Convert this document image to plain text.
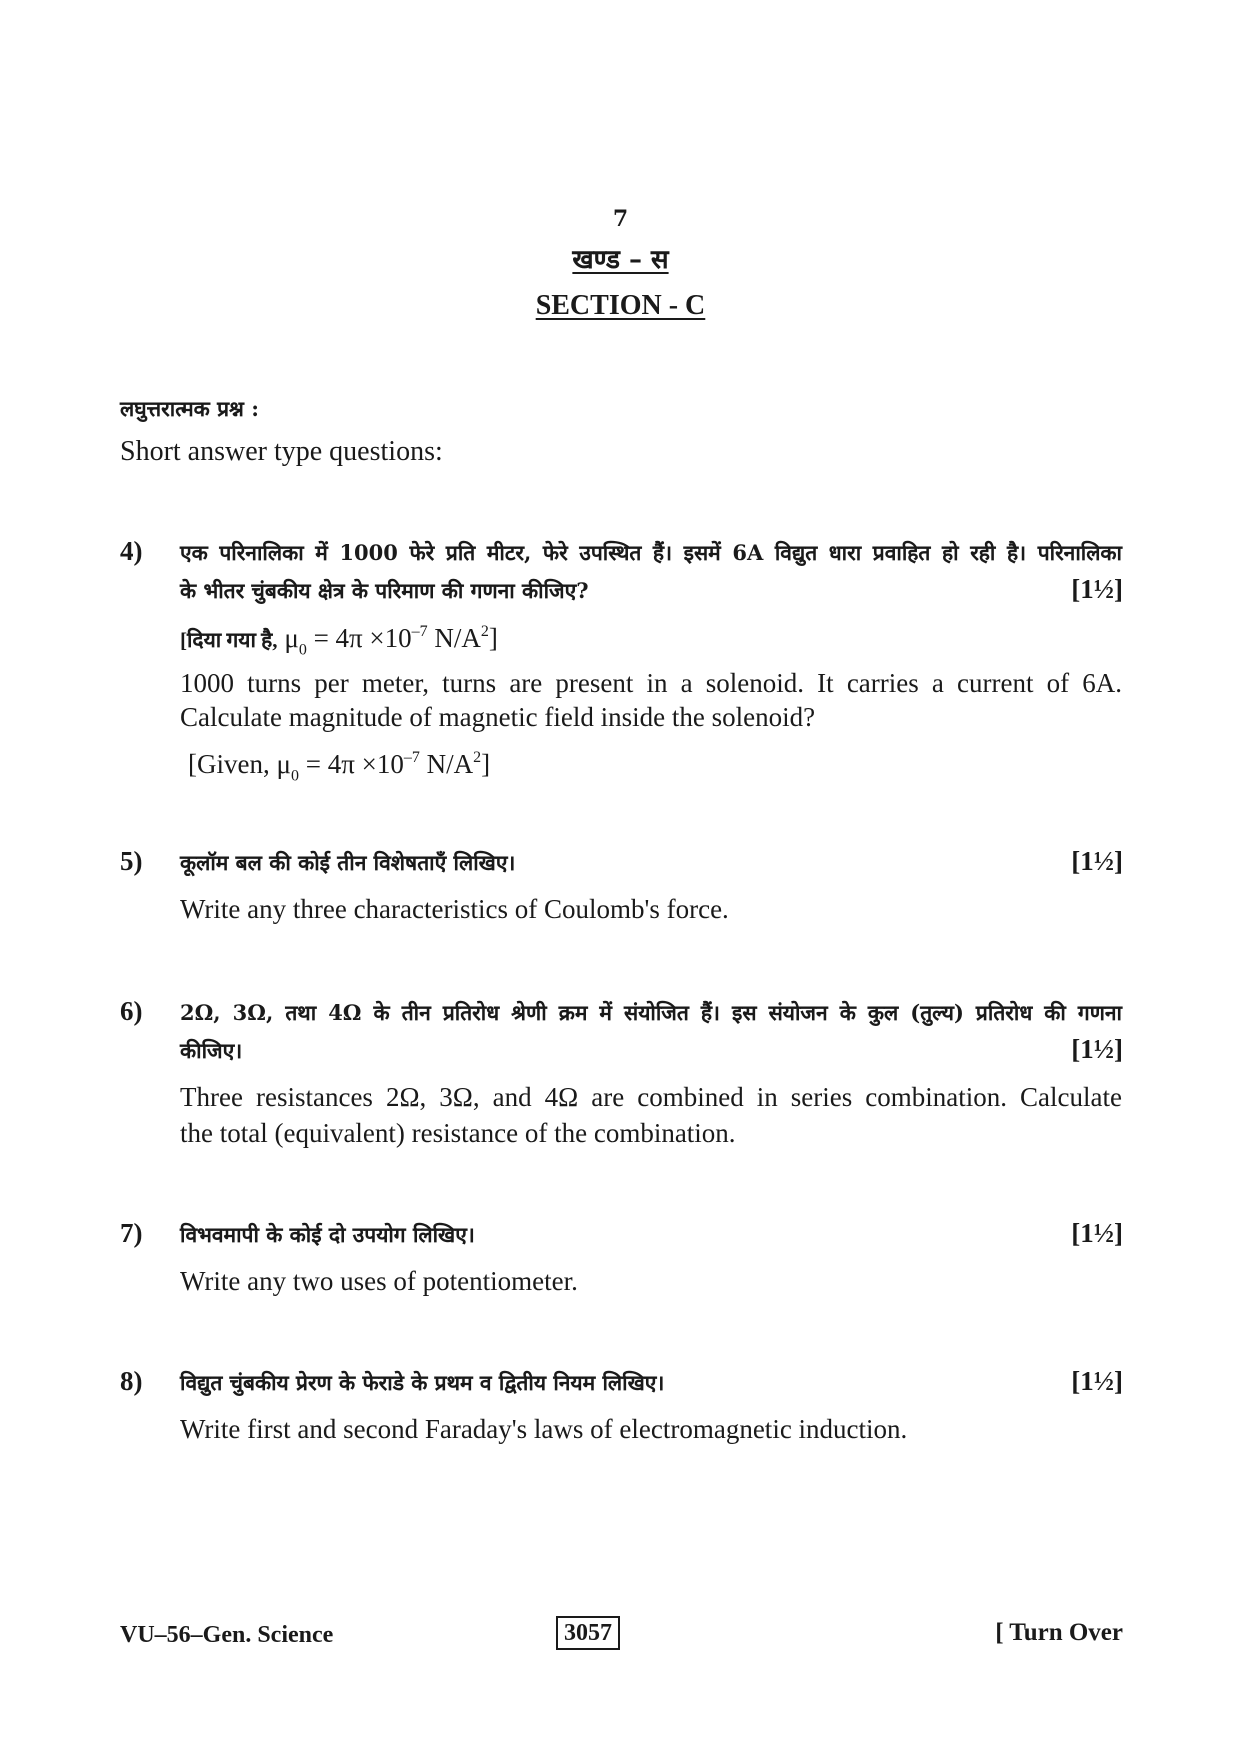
7
खण्ड – स
SECTION - C
लघुत्तरात्मक प्रश्न :
Short answer type questions:
4)	एक परिनालिका में 1000 फेरे प्रति मीटर, फेरे उपस्थित हैं। इसमें 6A विद्युत धारा प्रवाहित हो रही है। परिनालिका
के भीतर चुंबकीय क्षेत्र के परिमाण की गणना कीजिए?	[1½]
[दिया गया है, $\mu_0 = 4\pi \times 10^{-7}$ $N/A^2$]
1000 turns per meter, turns are present in a solenoid. It carries a current of 6A.
Calculate magnitude of magnetic field inside the solenoid?
[Given, $\mu_0 = 4\pi \times 10^{-7}$ $N/A^2$]
5)	कूलॉम बल की कोई तीन विशेषताएँ लिखिए।	[1½]
Write any three characteristics of Coulomb's force.
6)	2Ω, 3Ω, तथा 4Ω के तीन प्रतिरोध श्रेणी क्रम में संयोजित हैं। इस संयोजन के कुल (तुल्य) प्रतिरोध की गणना
कीजिए।	[1½]
Three resistances 2Ω, 3Ω, and 4Ω are combined in series combination. Calculate
the total (equivalent) resistance of the combination.
7)	विभवमापी के कोई दो उपयोग लिखिए।	[1½]
Write any two uses of potentiometer.
8)	विद्युत चुंबकीय प्रेरण के फेराडे के प्रथम व द्वितीय नियम लिखिए।	[1½]
Write first and second Faraday's laws of electromagnetic induction.
VU–56–Gen. Science	3057	[ Turn Over
